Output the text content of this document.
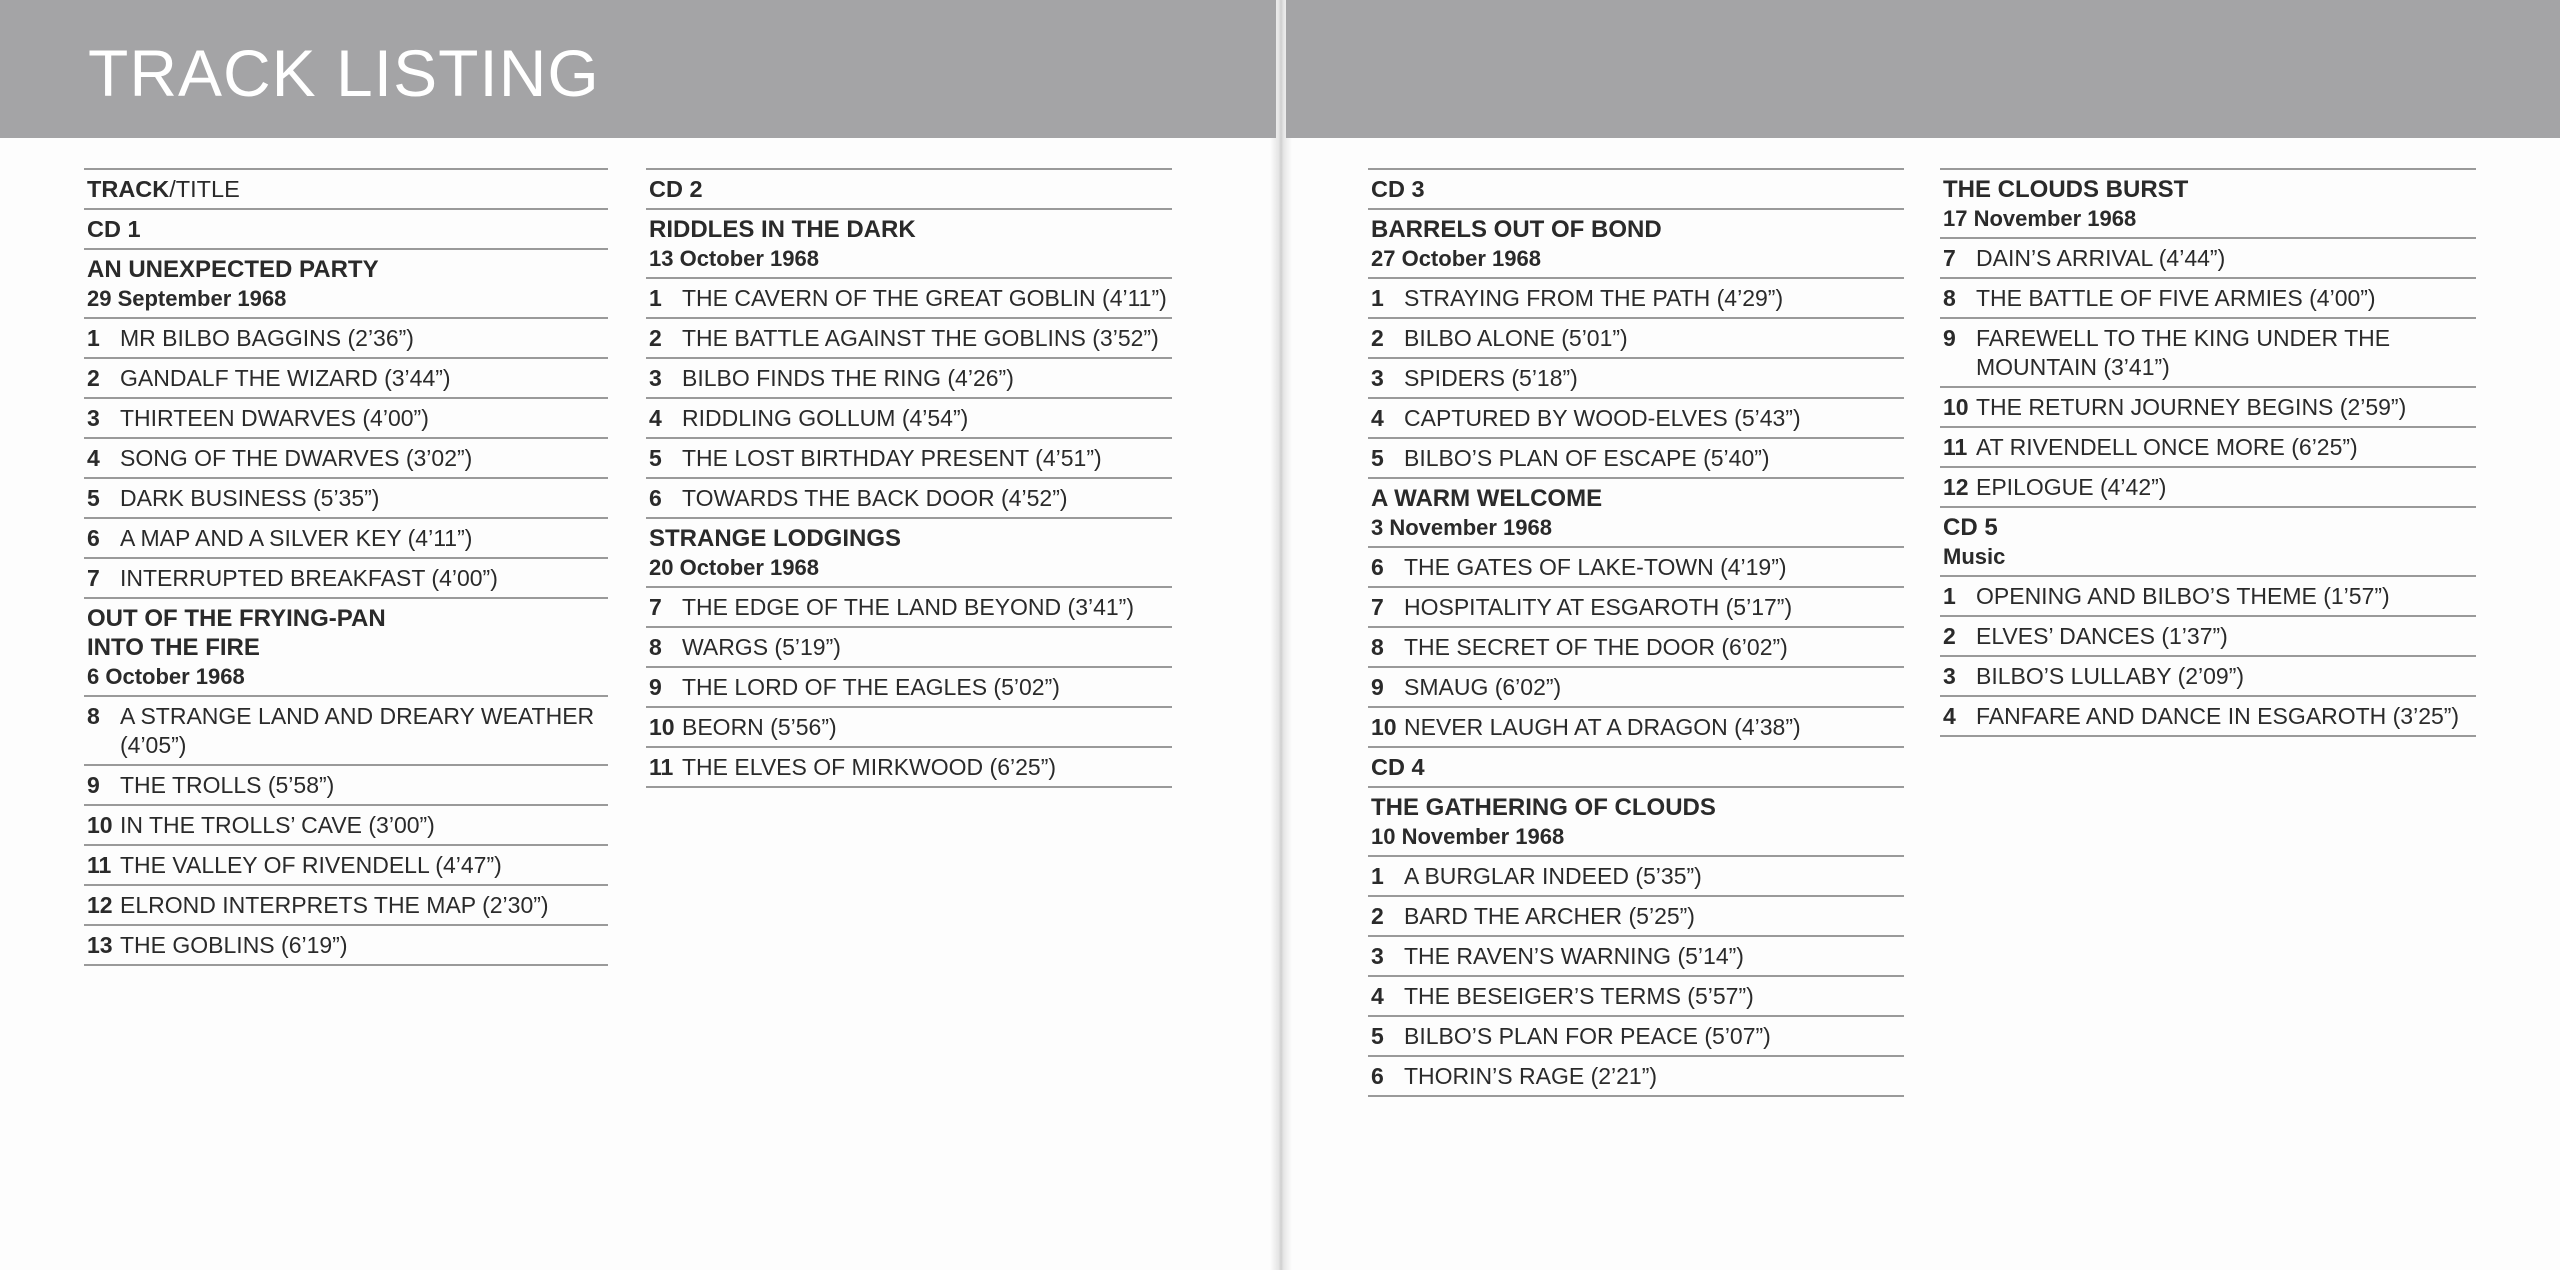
TRACK LISTING
TRACK/TITLE
CD 1
AN UNEXPECTED PARTY
29 September 1968
1 MR BILBO BAGGINS (2’36”)
2 GANDALF THE WIZARD (3’44”)
3 THIRTEEN DWARVES (4’00”)
4 SONG OF THE DWARVES (3’02”)
5 DARK BUSINESS (5’35”)
6 A MAP AND A SILVER KEY (4’11”)
7 INTERRUPTED BREAKFAST (4’00”)
OUT OF THE FRYING-PAN
INTO THE FIRE
6 October 1968
8 A STRANGE LAND AND DREARY WEATHER (4’05”)
9 THE TROLLS (5’58”)
10 IN THE TROLLS’ CAVE (3’00”)
11 THE VALLEY OF RIVENDELL (4’47”)
12 ELROND INTERPRETS THE MAP (2’30”)
13 THE GOBLINS (6’19”)
CD 2
RIDDLES IN THE DARK
13 October 1968
1 THE CAVERN OF THE GREAT GOBLIN (4’11”)
2 THE BATTLE AGAINST THE GOBLINS (3’52”)
3 BILBO FINDS THE RING (4’26”)
4 RIDDLING GOLLUM (4’54”)
5 THE LOST BIRTHDAY PRESENT (4’51”)
6 TOWARDS THE BACK DOOR (4’52”)
STRANGE LODGINGS
20 October 1968
7 THE EDGE OF THE LAND BEYOND (3’41”)
8 WARGS (5’19”)
9 THE LORD OF THE EAGLES (5’02”)
10 BEORN (5’56”)
11 THE ELVES OF MIRKWOOD (6’25”)
CD 3
BARRELS OUT OF BOND
27 October 1968
1 STRAYING FROM THE PATH (4’29”)
2 BILBO ALONE (5’01”)
3 SPIDERS (5’18”)
4 CAPTURED BY WOOD-ELVES (5’43”)
5 BILBO’S PLAN OF ESCAPE (5’40”)
A WARM WELCOME
3 November 1968
6 THE GATES OF LAKE-TOWN (4’19”)
7 HOSPITALITY AT ESGAROTH (5’17”)
8 THE SECRET OF THE DOOR (6’02”)
9 SMAUG (6’02”)
10 NEVER LAUGH AT A DRAGON (4’38”)
CD 4
THE GATHERING OF CLOUDS
10 November 1968
1 A BURGLAR INDEED (5’35”)
2 BARD THE ARCHER (5’25”)
3 THE RAVEN’S WARNING (5’14”)
4 THE BESEIGER’S TERMS (5’57”)
5 BILBO’S PLAN FOR PEACE (5’07”)
6 THORIN’S RAGE (2’21”)
THE CLOUDS BURST
17 November 1968
7 DAIN’S ARRIVAL (4’44”)
8 THE BATTLE OF FIVE ARMIES (4’00”)
9 FAREWELL TO THE KING UNDER THE MOUNTAIN (3’41”)
10 THE RETURN JOURNEY BEGINS (2’59”)
11 AT RIVENDELL ONCE MORE (6’25”)
12 EPILOGUE (4’42”)
CD 5
Music
1 OPENING AND BILBO’S THEME (1’57”)
2 ELVES’ DANCES (1’37”)
3 BILBO’S LULLABY (2’09”)
4 FANFARE AND DANCE IN ESGAROTH (3’25”)
